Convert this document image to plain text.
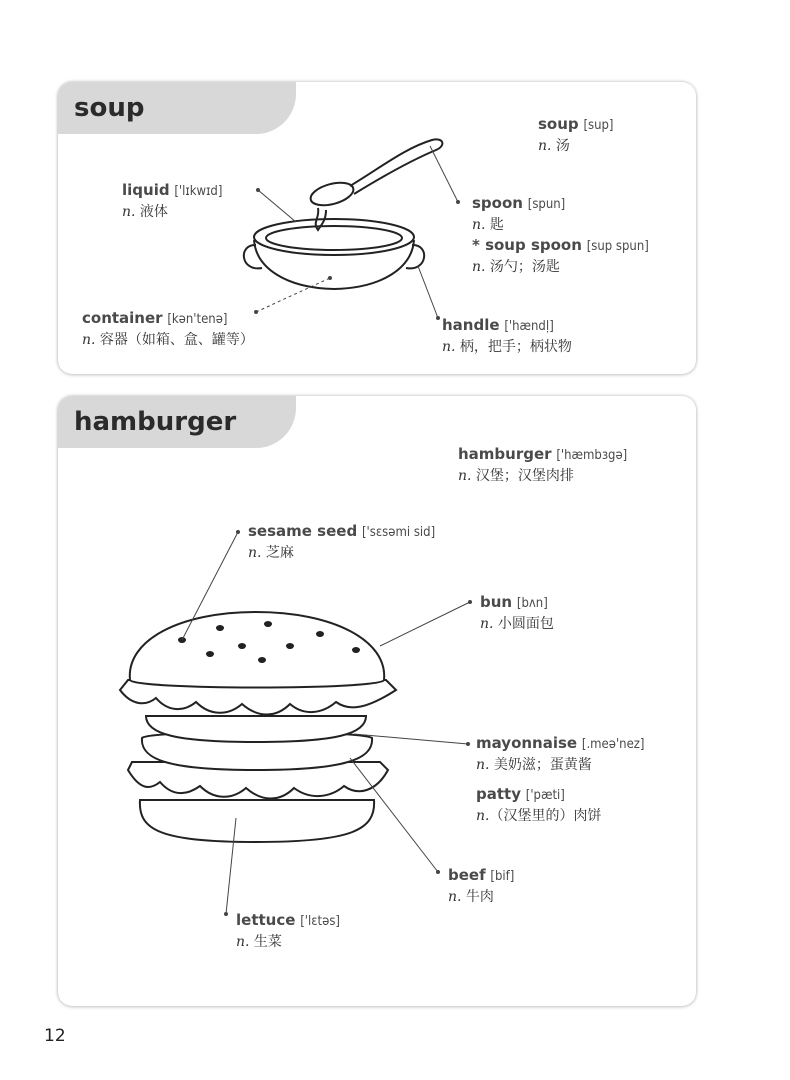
soup
hamburger
soup [sup]
n. 汤
liquid ['lɪkwɪd]
n. 液体	spoon [spun]
n. 匙
* soup spoon [sup spun]
n. 汤勺；汤匙
container [kən'tenə]
n. 容器（如箱、盒、罐等）
handle ['hændḷ]
n. 柄，把手；柄状物
hamburger ['hæmbɜgə]
n. 汉堡；汉堡肉排
sesame seed ['sɛsəmi sid]
n. 芝麻
bun [bʌn]
n. 小圆面包
mayonnaise [.meə'nez]
n. 美奶滋；蛋黄酱
patty ['pæti]
n.（汉堡里的）肉饼
beef [bif]
n. 牛肉
lettuce ['lɛtəs]
n. 生菜
12
